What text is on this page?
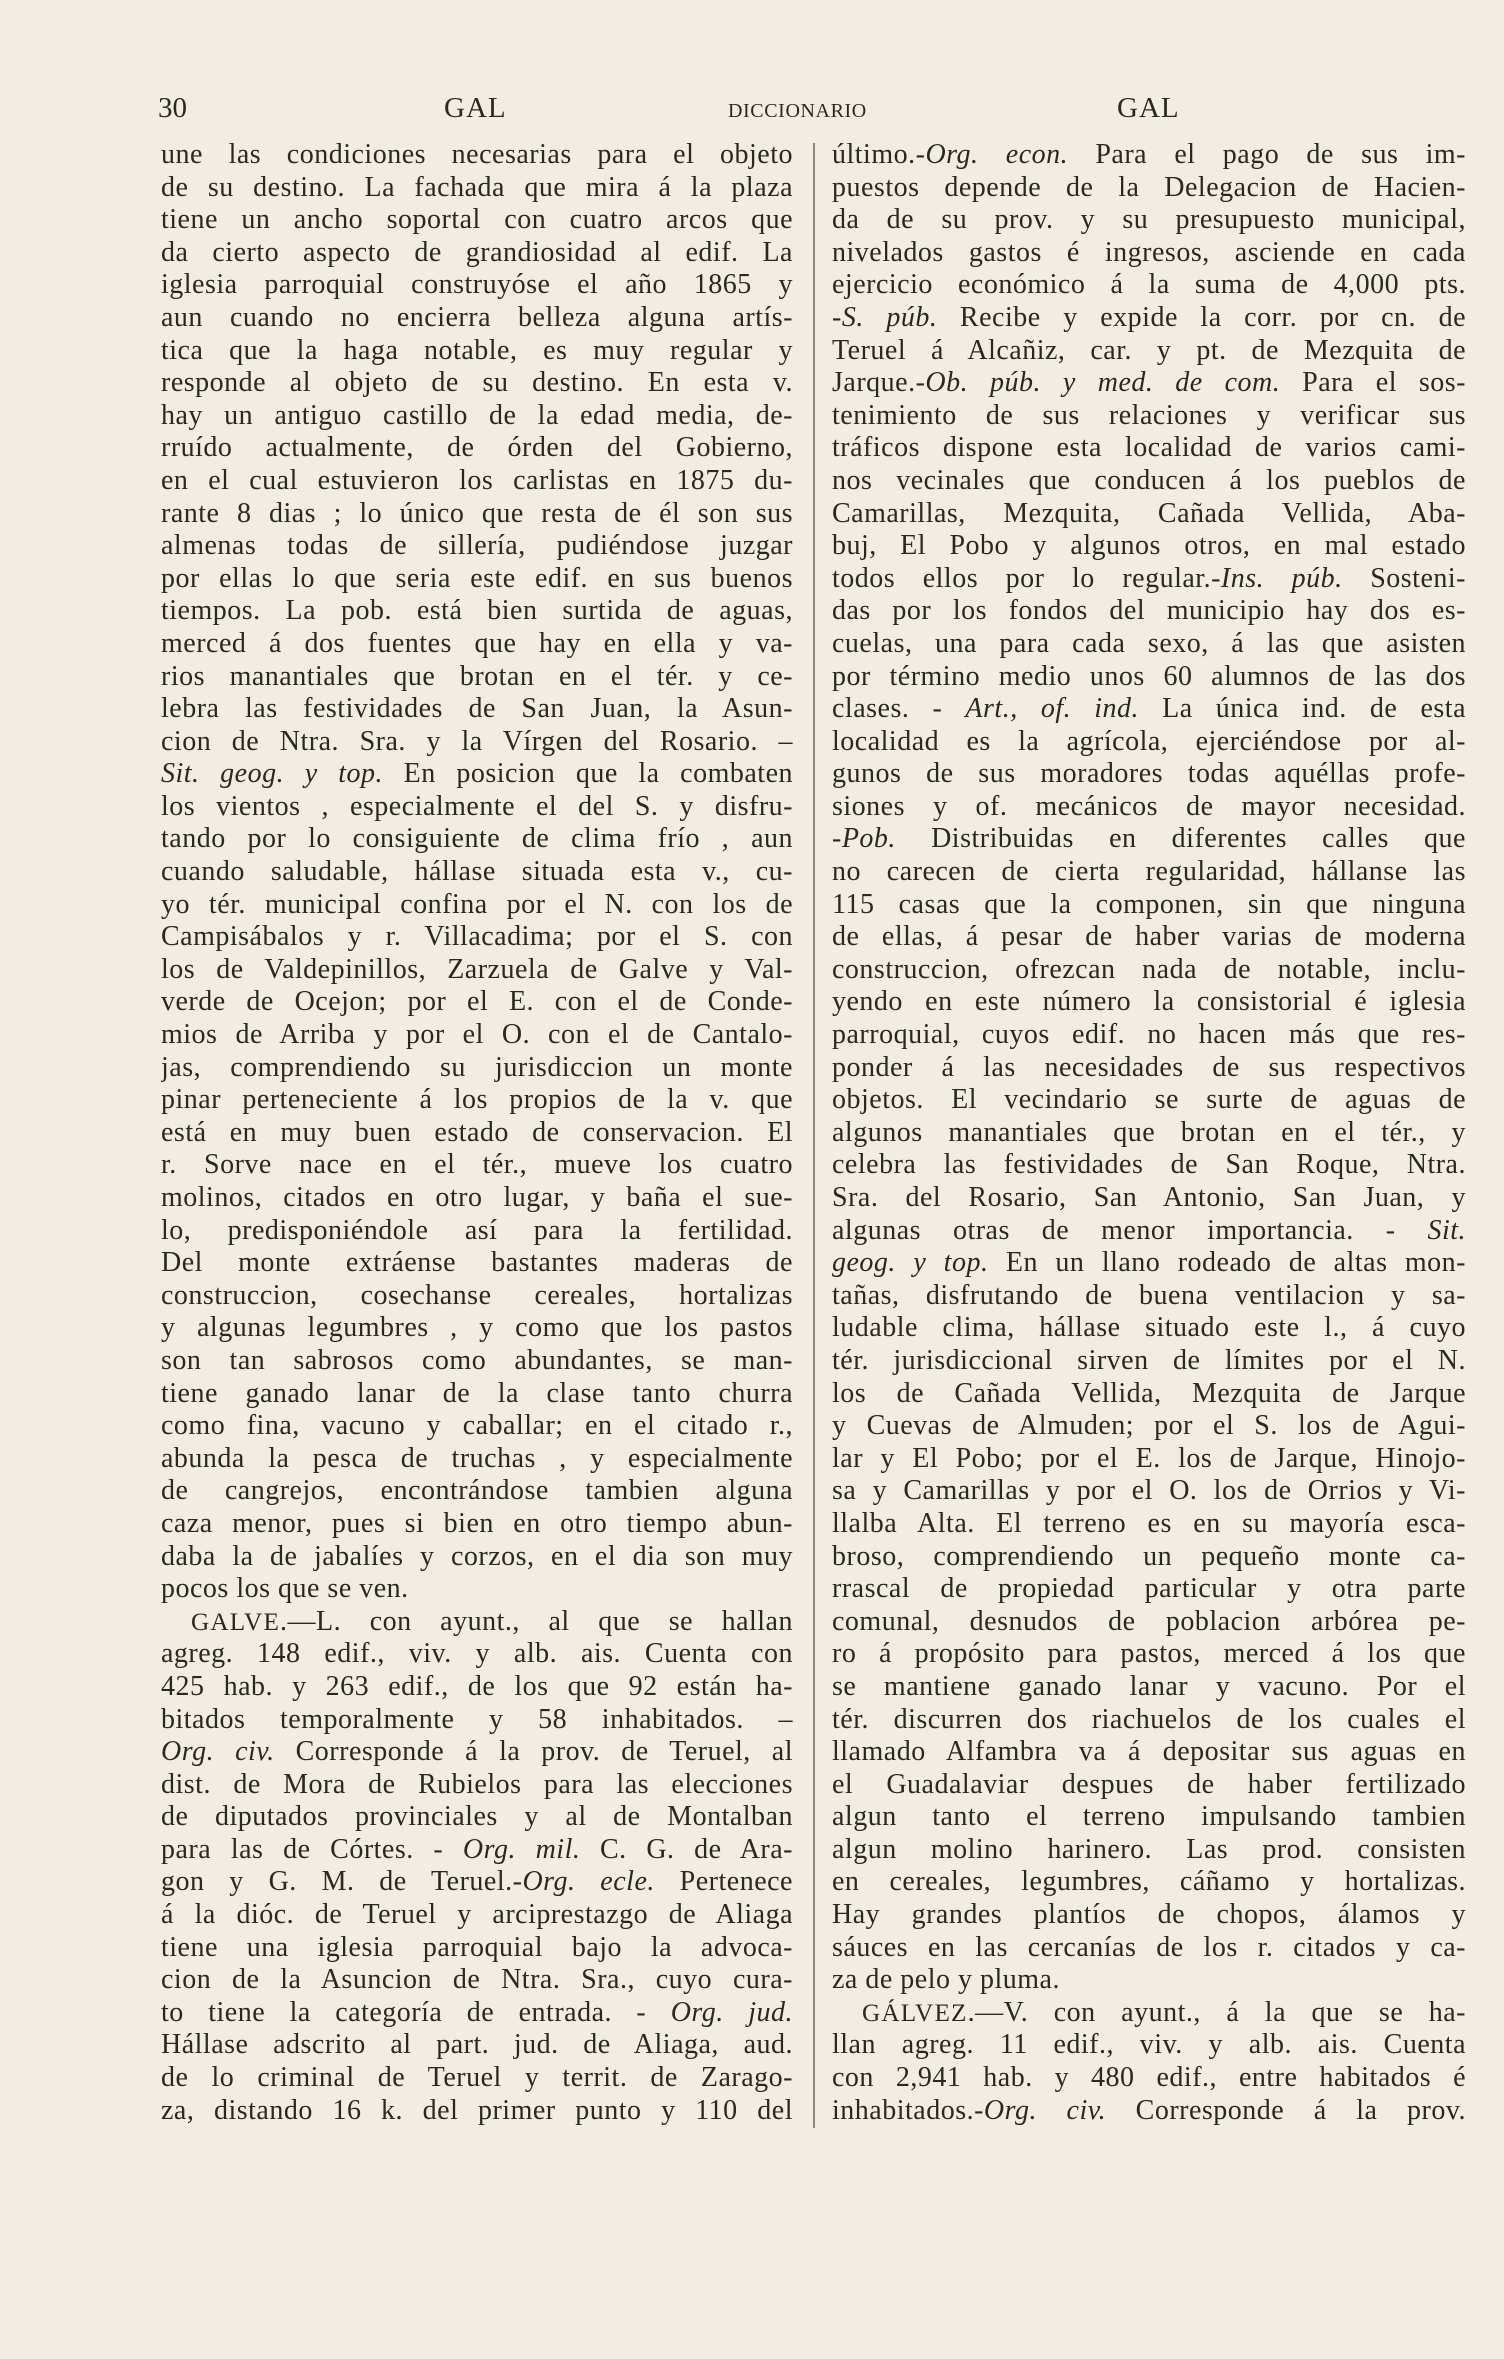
30	GAL	DICCIONARIO	GAL
une las condiciones necesarias para el objeto
de su destino. La fachada que mira á la plaza
tiene un ancho soportal con cuatro arcos que
da cierto aspecto de grandiosidad al edif. La
iglesia parroquial construyóse el año 1865 y
aun cuando no encierra belleza alguna artís-
tica que la haga notable, es muy regular y
responde al objeto de su destino. En esta v.
hay un antiguo castillo de la edad media, de-
rruído actualmente, de órden del Gobierno,
en el cual estuvieron los carlistas en 1875 du-
rante 8 dias ; lo único que resta de él son sus
almenas todas de sillería, pudiéndose juzgar
por ellas lo que seria este edif. en sus buenos
tiempos. La pob. está bien surtida de aguas,
merced á dos fuentes que hay en ella y va-
rios manantiales que brotan en el tér. y ce-
lebra las festividades de San Juan, la Asun-
cion de Ntra. Sra. y la Vírgen del Rosario. –
Sit. geog. y top. En posicion que la combaten
los vientos , especialmente el del S. y disfru-
tando por lo consiguiente de clima frío , aun
cuando saludable, hállase situada esta v., cu-
yo tér. municipal confina por el N. con los de
Campisábalos y r. Villacadima; por el S. con
los de Valdepinillos, Zarzuela de Galve y Val-
verde de Ocejon; por el E. con el de Conde-
mios de Arriba y por el O. con el de Cantalo-
jas, comprendiendo su jurisdiccion un monte
pinar perteneciente á los propios de la v. que
está en muy buen estado de conservacion. El
r. Sorve nace en el tér., mueve los cuatro
molinos, citados en otro lugar, y baña el sue-
lo, predisponiéndole así para la fertilidad.
Del monte extráense bastantes maderas de
construccion, cosechanse cereales, hortalizas
y algunas legumbres , y como que los pastos
son tan sabrosos como abundantes, se man-
tiene ganado lanar de la clase tanto churra
como fina, vacuno y caballar; en el citado r.,
abunda la pesca de truchas , y especialmente
de cangrejos, encontrándose tambien alguna
caza menor, pues si bien en otro tiempo abun-
daba la de jabalíes y corzos, en el dia son muy
pocos los que se ven.
GALVE.—L. con ayunt., al que se hallan
agreg. 148 edif., viv. y alb. ais. Cuenta con
425 hab. y 263 edif., de los que 92 están ha-
bitados temporalmente y 58 inhabitados. –
Org. civ. Corresponde á la prov. de Teruel, al
dist. de Mora de Rubielos para las elecciones
de diputados provinciales y al de Montalban
para las de Córtes. - Org. mil. C. G. de Ara-
gon y G. M. de Teruel.-Org. ecle. Pertenece
á la dióc. de Teruel y arciprestazgo de Aliaga
tiene una iglesia parroquial bajo la advoca-
cion de la Asuncion de Ntra. Sra., cuyo cura-
to tiene la categoría de entrada. - Org. jud.
Hállase adscrito al part. jud. de Aliaga, aud.
de lo criminal de Teruel y territ. de Zarago-
za, distando 16 k. del primer punto y 110 del
último.-Org. econ. Para el pago de sus im-
puestos depende de la Delegacion de Hacien-
da de su prov. y su presupuesto municipal,
nivelados gastos é ingresos, asciende en cada
ejercicio económico á la suma de 4,000 pts.
-S. púb. Recibe y expide la corr. por cn. de
Teruel á Alcañiz, car. y pt. de Mezquita de
Jarque.-Ob. púb. y med. de com. Para el sos-
tenimiento de sus relaciones y verificar sus
tráficos dispone esta localidad de varios cami-
nos vecinales que conducen á los pueblos de
Camarillas, Mezquita, Cañada Vellida, Aba-
buj, El Pobo y algunos otros, en mal estado
todos ellos por lo regular.-Ins. púb. Sosteni-
das por los fondos del municipio hay dos es-
cuelas, una para cada sexo, á las que asisten
por término medio unos 60 alumnos de las dos
clases. - Art., of. ind. La única ind. de esta
localidad es la agrícola, ejerciéndose por al-
gunos de sus moradores todas aquéllas profe-
siones y of. mecánicos de mayor necesidad.
-Pob. Distribuidas en diferentes calles que
no carecen de cierta regularidad, hállanse las
115 casas que la componen, sin que ninguna
de ellas, á pesar de haber varias de moderna
construccion, ofrezcan nada de notable, inclu-
yendo en este número la consistorial é iglesia
parroquial, cuyos edif. no hacen más que res-
ponder á las necesidades de sus respectivos
objetos. El vecindario se surte de aguas de
algunos manantiales que brotan en el tér., y
celebra las festividades de San Roque, Ntra.
Sra. del Rosario, San Antonio, San Juan, y
algunas otras de menor importancia. - Sit.
geog. y top. En un llano rodeado de altas mon-
tañas, disfrutando de buena ventilacion y sa-
ludable clima, hállase situado este l., á cuyo
tér. jurisdiccional sirven de límites por el N.
los de Cañada Vellida, Mezquita de Jarque
y Cuevas de Almuden; por el S. los de Agui-
lar y El Pobo; por el E. los de Jarque, Hinojo-
sa y Camarillas y por el O. los de Orrios y Vi-
llalba Alta. El terreno es en su mayoría esca-
broso, comprendiendo un pequeño monte ca-
rrascal de propiedad particular y otra parte
comunal, desnudos de poblacion arbórea pe-
ro á propósito para pastos, merced á los que
se mantiene ganado lanar y vacuno. Por el
tér. discurren dos riachuelos de los cuales el
llamado Alfambra va á depositar sus aguas en
el Guadalaviar despues de haber fertilizado
algun tanto el terreno impulsando tambien
algun molino harinero. Las prod. consisten
en cereales, legumbres, cáñamo y hortalizas.
Hay grandes plantíos de chopos, álamos y
sáuces en las cercanías de los r. citados y ca-
za de pelo y pluma.
GÁLVEZ.—V. con ayunt., á la que se ha-
llan agreg. 11 edif., viv. y alb. ais. Cuenta
con 2,941 hab. y 480 edif., entre habitados é
inhabitados.-Org. civ. Corresponde á la prov.
